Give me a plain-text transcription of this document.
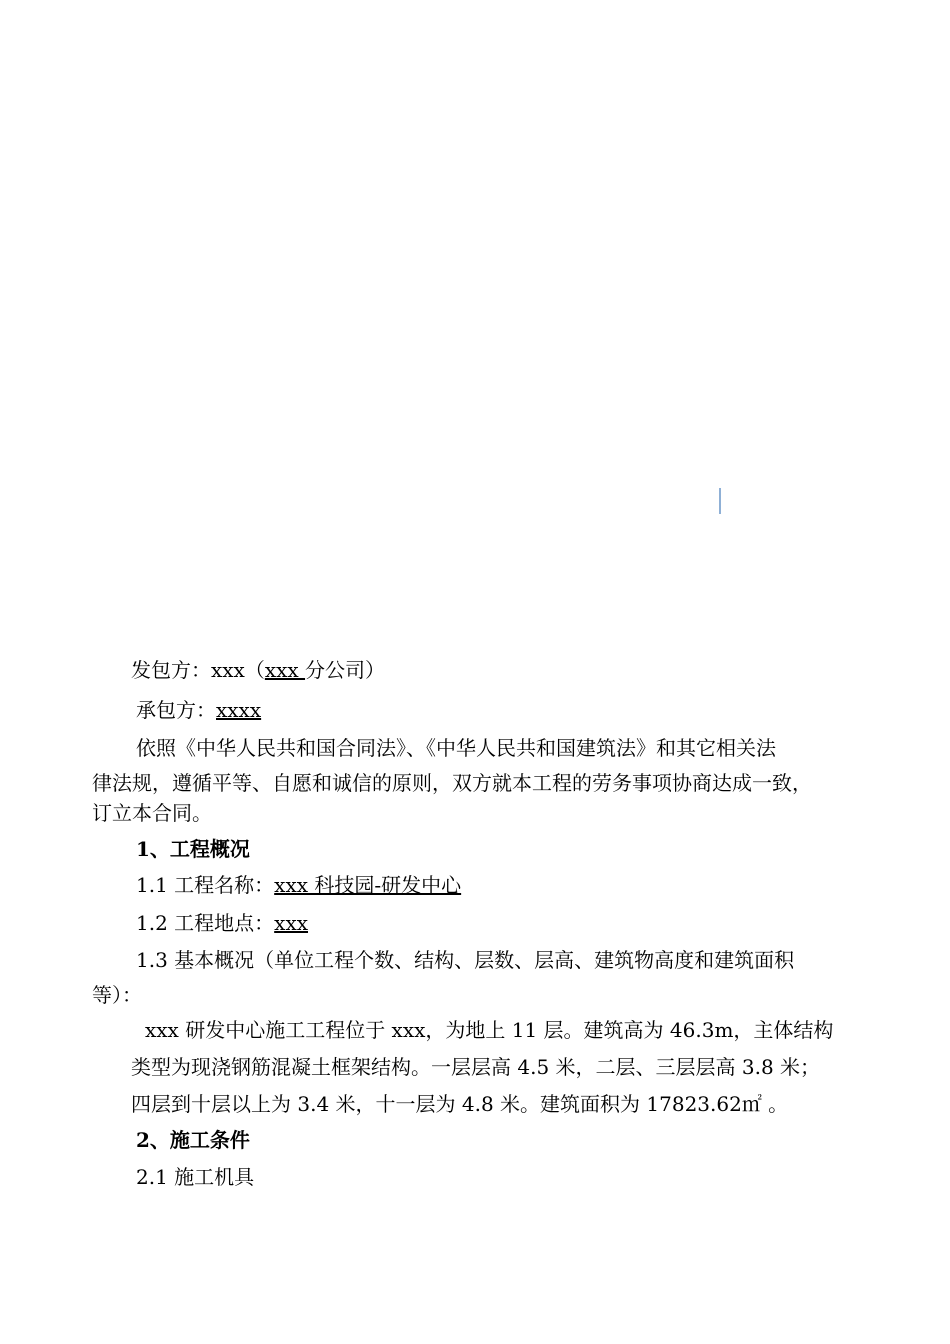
发包方：xxx（xxx 分公司）
承包方：xxxx
依照《中华人民共和国合同法》、《中华人民共和国建筑法》和其它相关法
律法规，遵循平等、自愿和诚信的原则，双方就本工程的劳务事项协商达成一致，
订立本合同。
1、工程概况
1.1 工程名称：xxx 科技园-研发中心
1.2 工程地点：xxx
1.3 基本概况（单位工程个数、结构、层数、层高、建筑物高度和建筑面积
等）：
xxx 研发中心施工工程位于 xxx，为地上 11 层。建筑高为 46.3m，主体结构
类型为现浇钢筋混凝土框架结构。一层层高 4.5 米，二层、三层层高 3.8 米；
四层到十层以上为 3.4 米，十一层为 4.8 米。建筑面积为 17823.62㎡ 。
2、施工条件
2.1 施工机具
